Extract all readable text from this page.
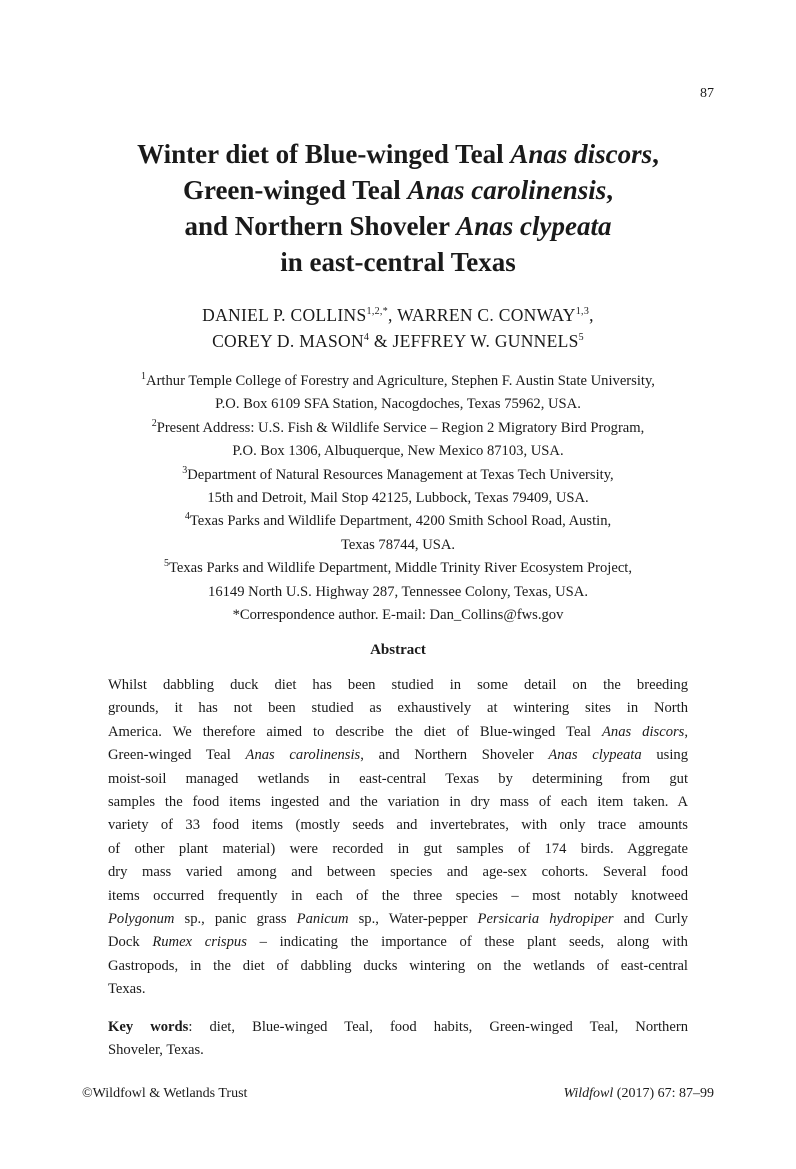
87
Winter diet of Blue-winged Teal Anas discors,
Green-winged Teal Anas carolinensis,
and Northern Shoveler Anas clypeata
in east-central Texas
DANIEL P. $COLLINS^{1,2,*}$, WARREN C. CONWAY$^{1,3}$,
COREY D. MASON$^4$ & JEFFREY W. GUNNELS$^5$
$^1$Arthur Temple College of Forestry and Agriculture, Stephen F. Austin State University,
P.O. Box 6109 SFA Station, Nacogdoches, Texas 75962, USA.
$^2$Present Address: U.S. Fish & Wildlife Service – Region 2 Migratory Bird Program,
P.O. Box 1306, Albuquerque, New Mexico 87103, USA.
$^3$Department of Natural Resources Management at Texas Tech University,
15th and Detroit, Mail Stop 42125, Lubbock, Texas 79409, USA.
$^4$Texas Parks and Wildlife Department, 4200 Smith School Road, Austin,
Texas 78744, USA.
$^5$Texas Parks and Wildlife Department, Middle Trinity River Ecosystem Project,
16149 North U.S. Highway 287, Tennessee Colony, Texas, USA.
*Correspondence author. E-mail: Dan_Collins@fws.gov
Abstract
Whilst dabbling duck diet has been studied in some detail on the breeding
grounds, it has not been studied as exhaustively at wintering sites in North
America. We therefore aimed to describe the diet of Blue-winged Teal Anas discors,
Green-winged Teal Anas carolinensis, and Northern Shoveler Anas clypeata using
moist-soil managed wetlands in east-central Texas by determining from gut
samples the food items ingested and the variation in dry mass of each item taken. A
variety of 33 food items (mostly seeds and invertebrates, with only trace amounts
of other plant material) were recorded in gut samples of 174 birds. Aggregate
dry mass varied among and between species and age-sex cohorts. Several food
items occurred frequently in each of the three species – most notably knotweed
Polygonum sp., panic grass Panicum sp., Water-pepper Persicaria hydropiper and Curly
Dock Rumex crispus – indicating the importance of these plant seeds, along with
Gastropods, in the diet of dabbling ducks wintering on the wetlands of east-central
Texas.
Key words: diet, Blue-winged Teal, food habits, Green-winged Teal, Northern
Shoveler, Texas.
©Wildfowl & Wetlands Trust	Wildfowl (2017) 67: 87–99
